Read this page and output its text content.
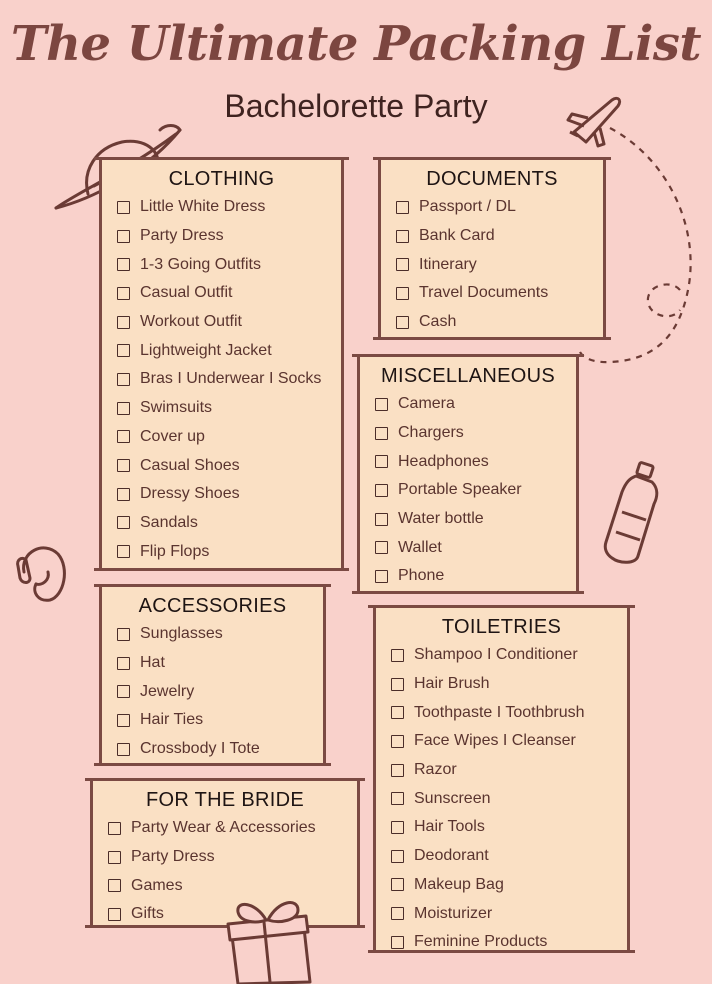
The Ultimate Packing List
Bachelorette Party
CLOTHING
Little White Dress
Party Dress
1-3 Going Outfits
Casual Outfit
Workout Outfit
Lightweight Jacket
Bras I Underwear I Socks
Swimsuits
Cover up
Casual Shoes
Dressy Shoes
Sandals
Flip Flops
DOCUMENTS
Passport / DL
Bank Card
Itinerary
Travel Documents
Cash
MISCELLANEOUS
Camera
Chargers
Headphones
Portable Speaker
Water bottle
Wallet
Phone
ACCESSORIES
Sunglasses
Hat
Jewelry
Hair Ties
Crossbody I Tote
TOILETRIES
Shampoo I Conditioner
Hair Brush
Toothpaste I Toothbrush
Face Wipes I Cleanser
Razor
Sunscreen
Hair Tools
Deodorant
Makeup Bag
Moisturizer
Feminine Products
FOR THE BRIDE
Party Wear & Accessories
Party Dress
Games
Gifts
